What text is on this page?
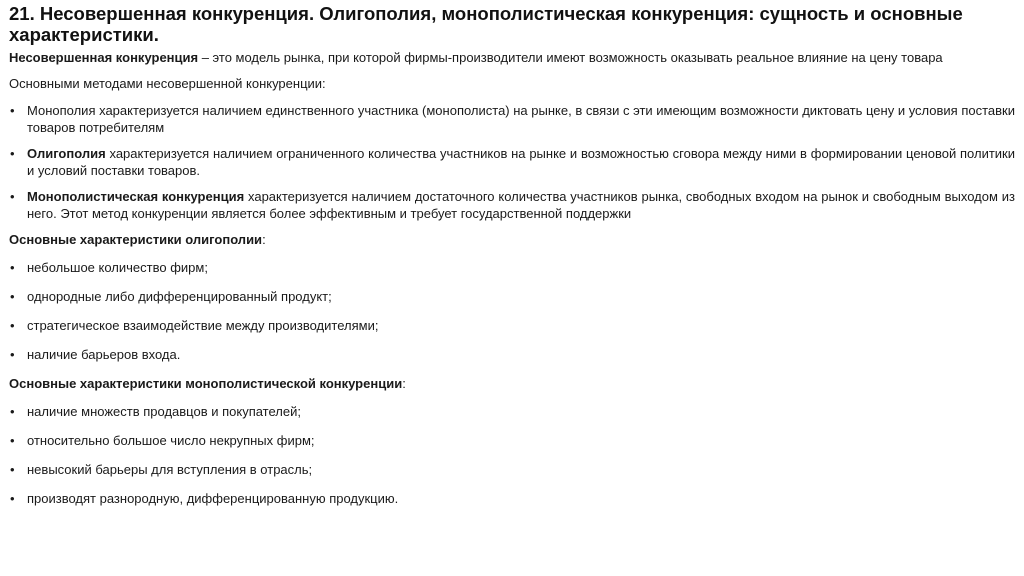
21. Несовершенная конкуренция. Олигополия, монополистическая конкуренция: сущность и основные характеристики.

Несовершенная конкуренция – это модель рынка, при которой фирмы-производители имеют возможность оказывать реальное влияние на цену товара

Основными методами несовершенной конкуренции:

• Монополия характеризуется наличием единственного участника (монополиста) на рынке, в связи с эти имеющим возможности диктовать цену и условия поставки товаров потребителям
• Олигополия характеризуется наличием ограниченного количества участников на рынке и возможностью сговора между ними в формировании ценовой политики и условий поставки товаров.
• Монополистическая конкуренция характеризуется наличием достаточного количества участников рынка, свободных входом на рынок и свободным выходом из него. Этот метод конкуренции является более эффективным и требует государственной поддержки

Основные характеристики олигополии:

• небольшое количество фирм;
• однородные либо дифференцированный продукт;
• стратегическое взаимодействие между производителями;
• наличие барьеров входа.

Основные характеристики монополистической конкуренции:

• наличие множеств продавцов и покупателей;
• относительно большое число некрупных фирм;
• невысокий барьеры для вступления в отрасль;
• производят разнородную, дифференцированную продукцию.
